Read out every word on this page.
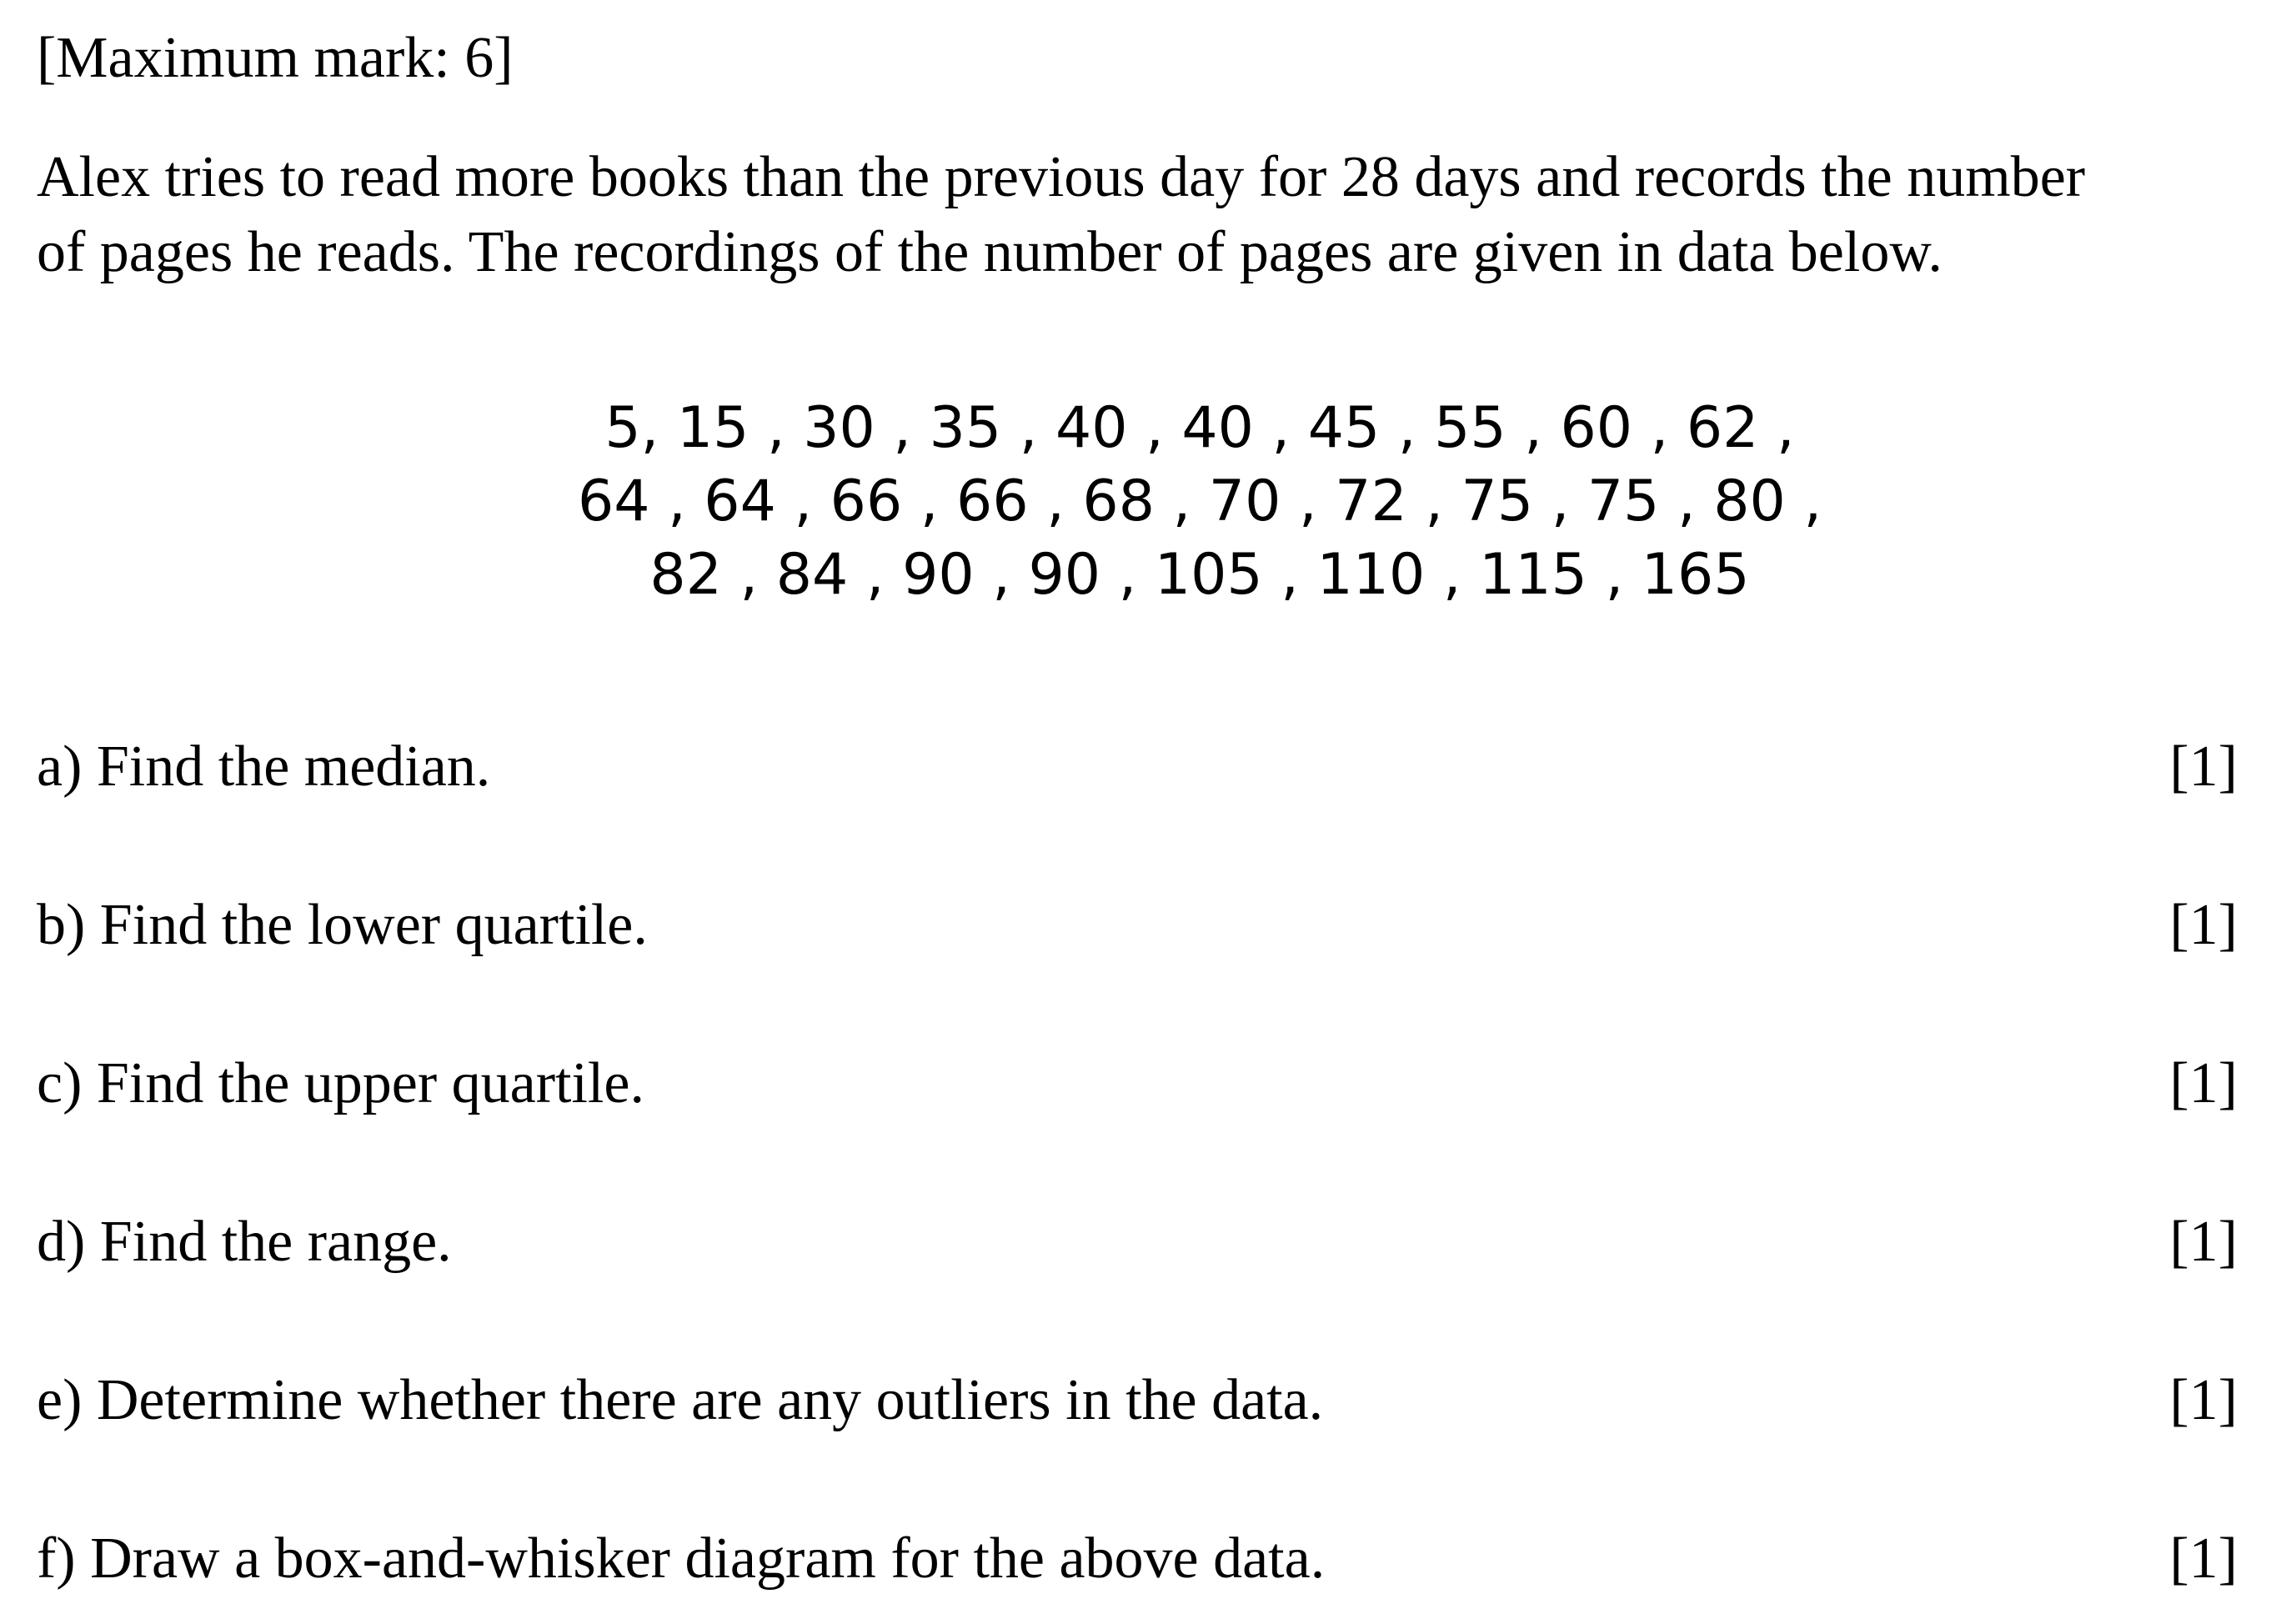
[Maximum mark: 6]
Alex tries to read more books than the previous day for 28 days and records the number
of pages he reads. The recordings of the number of pages are given in data below.
5, 15 , 30 , 35 , 40 , 40 , 45 , 55 , 60 , 62 ,
64 , 64 , 66 , 66 , 68 , 70 , 72 , 75 , 75 , 80 ,
82 , 84 , 90 , 90 , 105 , 110 , 115 , 165
a) Find the median.	[1]
b) Find the lower quartile.	[1]
c) Find the upper quartile.	[1]
d) Find the range.	[1]
e) Determine whether there are any outliers in the data.	[1]
f) Draw a box-and-whisker diagram for the above data.	[1]
